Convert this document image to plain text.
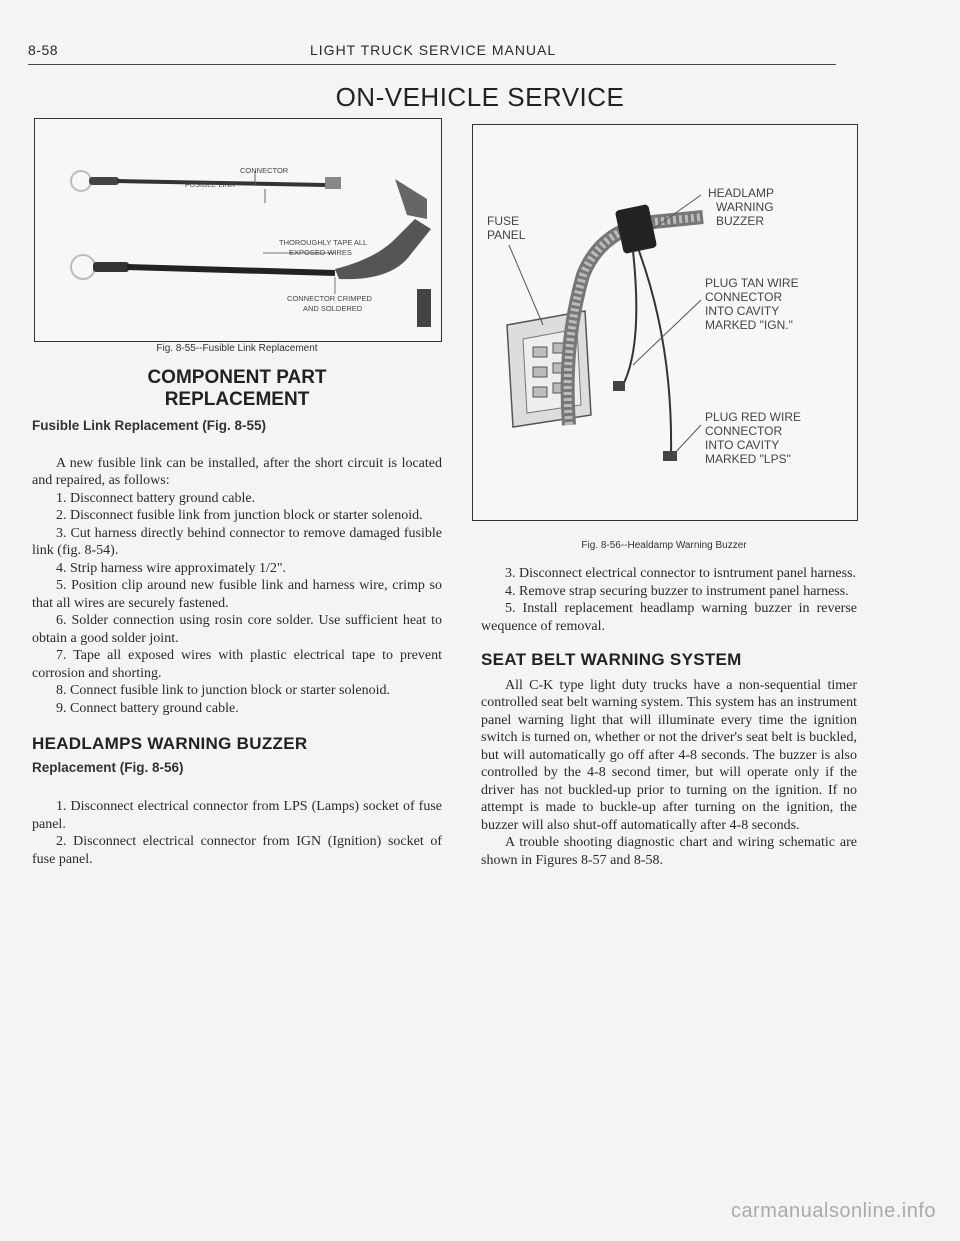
8-58	LIGHT TRUCK SERVICE MANUAL
ON-VEHICLE SERVICE
FUSIBLE LINK
CONNECTOR
THOROUGHLY TAPE ALL
EXPOSED WIRES
CONNECTOR CRIMPED
AND SOLDERED
Fig. 8-55--Fusible Link Replacement
FUSE
PANEL
HEADLAMP
WARNING
BUZZER
PLUG TAN WIRE
CONNECTOR
INTO CAVITY
MARKED "IGN."
PLUG RED WIRE
CONNECTOR
INTO CAVITY
MARKED "LPS"
Fig. 8-56--Healdamp Warning Buzzer
COMPONENT PART
REPLACEMENT
Fusible Link Replacement (Fig. 8-55)

A new fusible link can be installed, after the short circuit is located and repaired, as follows:

1. Disconnect battery ground cable.

2. Disconnect fusible link from junction block or starter solenoid.

3. Cut harness directly behind connector to remove damaged fusible link (fig. 8-54).

4. Strip harness wire approximately 1/2".

5. Position clip around new fusible link and harness wire, crimp so that all wires are securely fastened.

6. Solder connection using rosin core solder. Use sufficient heat to obtain a good solder joint.

7. Tape all exposed wires with plastic electrical tape to prevent corrosion and shorting.

8. Connect fusible link to junction block or starter solenoid.

9. Connect battery ground cable.

HEADLAMPS WARNING BUZZER
Replacement (Fig. 8-56)

1. Disconnect electrical connector from LPS (Lamps) socket of fuse panel.

2. Disconnect electrical connector from IGN (Ignition) socket of fuse panel.

3. Disconnect electrical connector to isntrument panel harness.

4. Remove strap securing buzzer to instrument panel harness.

5. Install replacement headlamp warning buzzer in reverse wequence of removal.

SEAT BELT WARNING SYSTEM

All C-K type light duty trucks have a non-sequential timer controlled seat belt warning system. This system has an instrument panel warning light that will illuminate every time the ignition switch is turned on, whether or not the driver's seat belt is buckled, but will automatically go off after 4-8 seconds. The buzzer is also controlled by the 4-8 second timer, but will operate only if the driver has not buckled-up prior to turning on the ignition. If no attempt is made to buckle-up after turning on the ignition, the buzzer will also shut-off automatically after 4-8 seconds.

A trouble shooting diagnostic chart and wiring schematic are shown in Figures 8-57 and 8-58.

carmanualsonline.info
